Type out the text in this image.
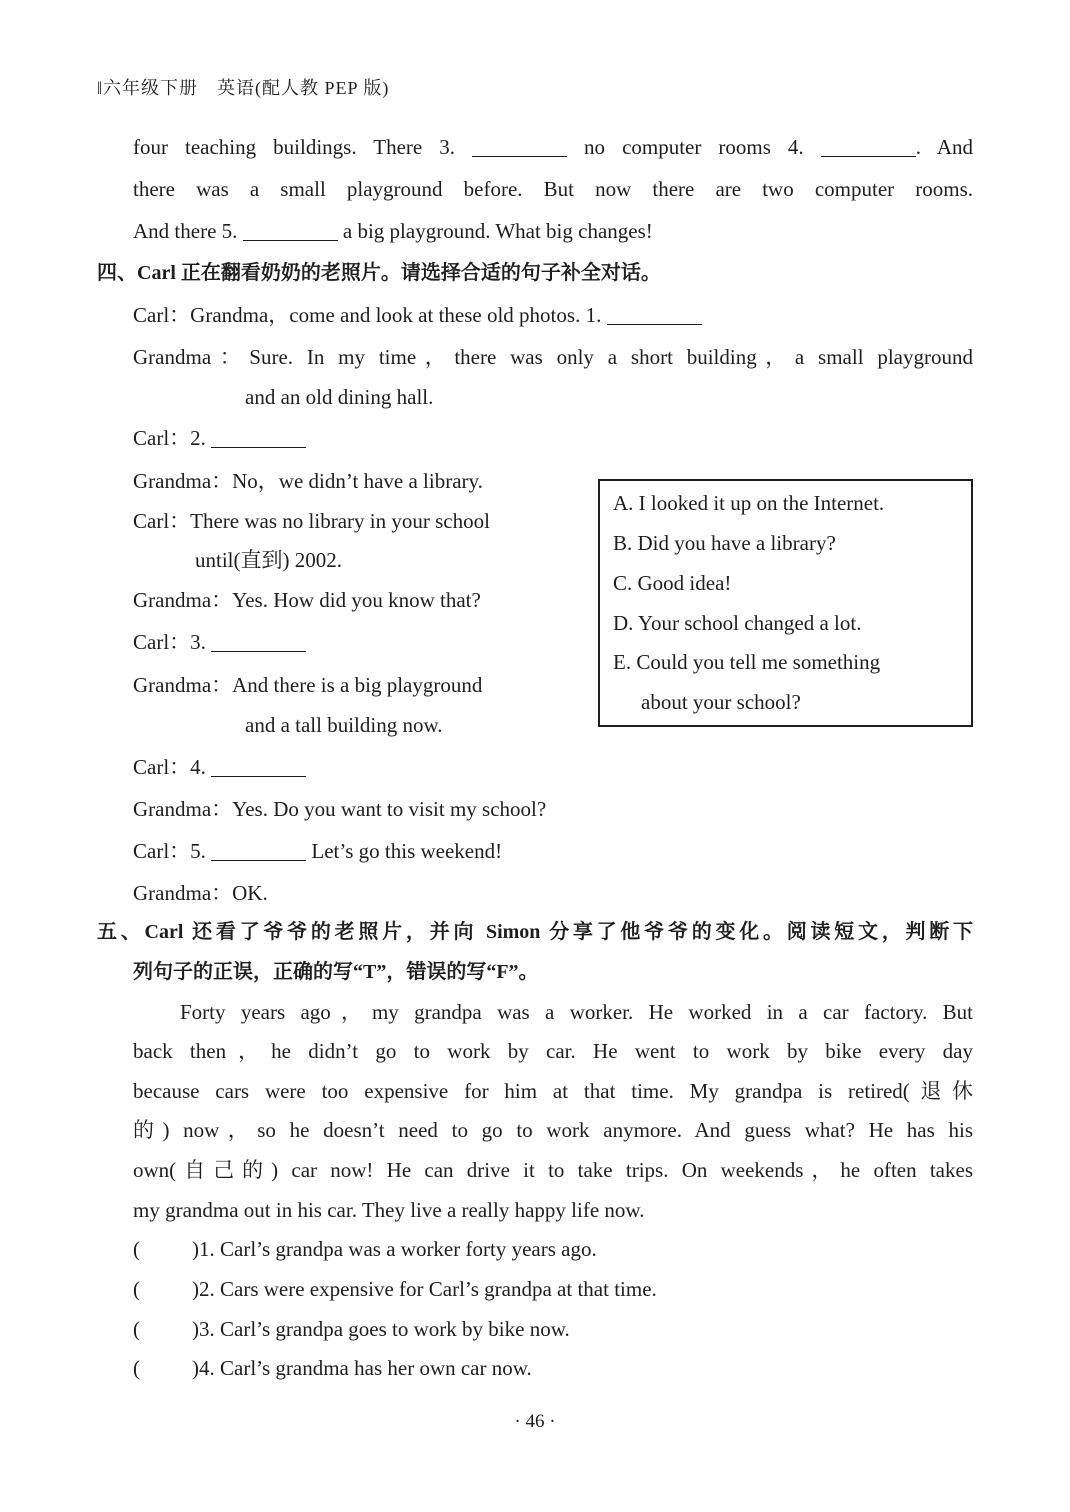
‖六年级下册　英语(配人教 PEP 版)
four teaching buildings. There 3.	no computer rooms 4.	. And
there was a small playground before. But now there are two computer rooms.
And there 5.	a big playground. What big changes!
四、Carl 正在翻看奶奶的老照片。请选择合适的句子补全对话。
Carl：Grandma，come and look at these old photos. 1.
Grandma：Sure. In my time，there was only a short building，a small playground
and an old dining hall.
Carl：2.
Grandma：No，we didn’t have a library.
Carl：There was no library in your school
until(直到) 2002.
Grandma：Yes. How did you know that?
Carl：3.
Grandma：And there is a big playground
and a tall building now.
Carl：4.
Grandma：Yes. Do you want to visit my school?
Carl：5.	Let’s go this weekend!
Grandma：OK.
A. I looked it up on the Internet.
B. Did you have a library?
C. Good idea!
D. Your school changed a lot.
E. Could you tell me something
about your school?
五、Carl 还看了爷爷的老照片，并向 Simon 分享了他爷爷的变化。阅读短文，判断下
列句子的正误，正确的写“T”，错误的写“F”。
Forty years ago，my grandpa was a worker. He worked in a car factory. But
back then，he didn’t go to work by car. He went to work by bike every day
because cars were too expensive for him at that time. My grandpa is retired(退休
的) now，so he doesn’t need to go to work anymore. And guess what? He has his
own(自己的) car now! He can drive it to take trips. On weekends，he often takes
my grandma out in his car. They live a really happy life now.
( )1. Carl’s grandpa was a worker forty years ago.
( )2. Cars were expensive for Carl’s grandpa at that time.
( )3. Carl’s grandpa goes to work by bike now.
( )4. Carl’s grandma has her own car now.
· 46 ·
